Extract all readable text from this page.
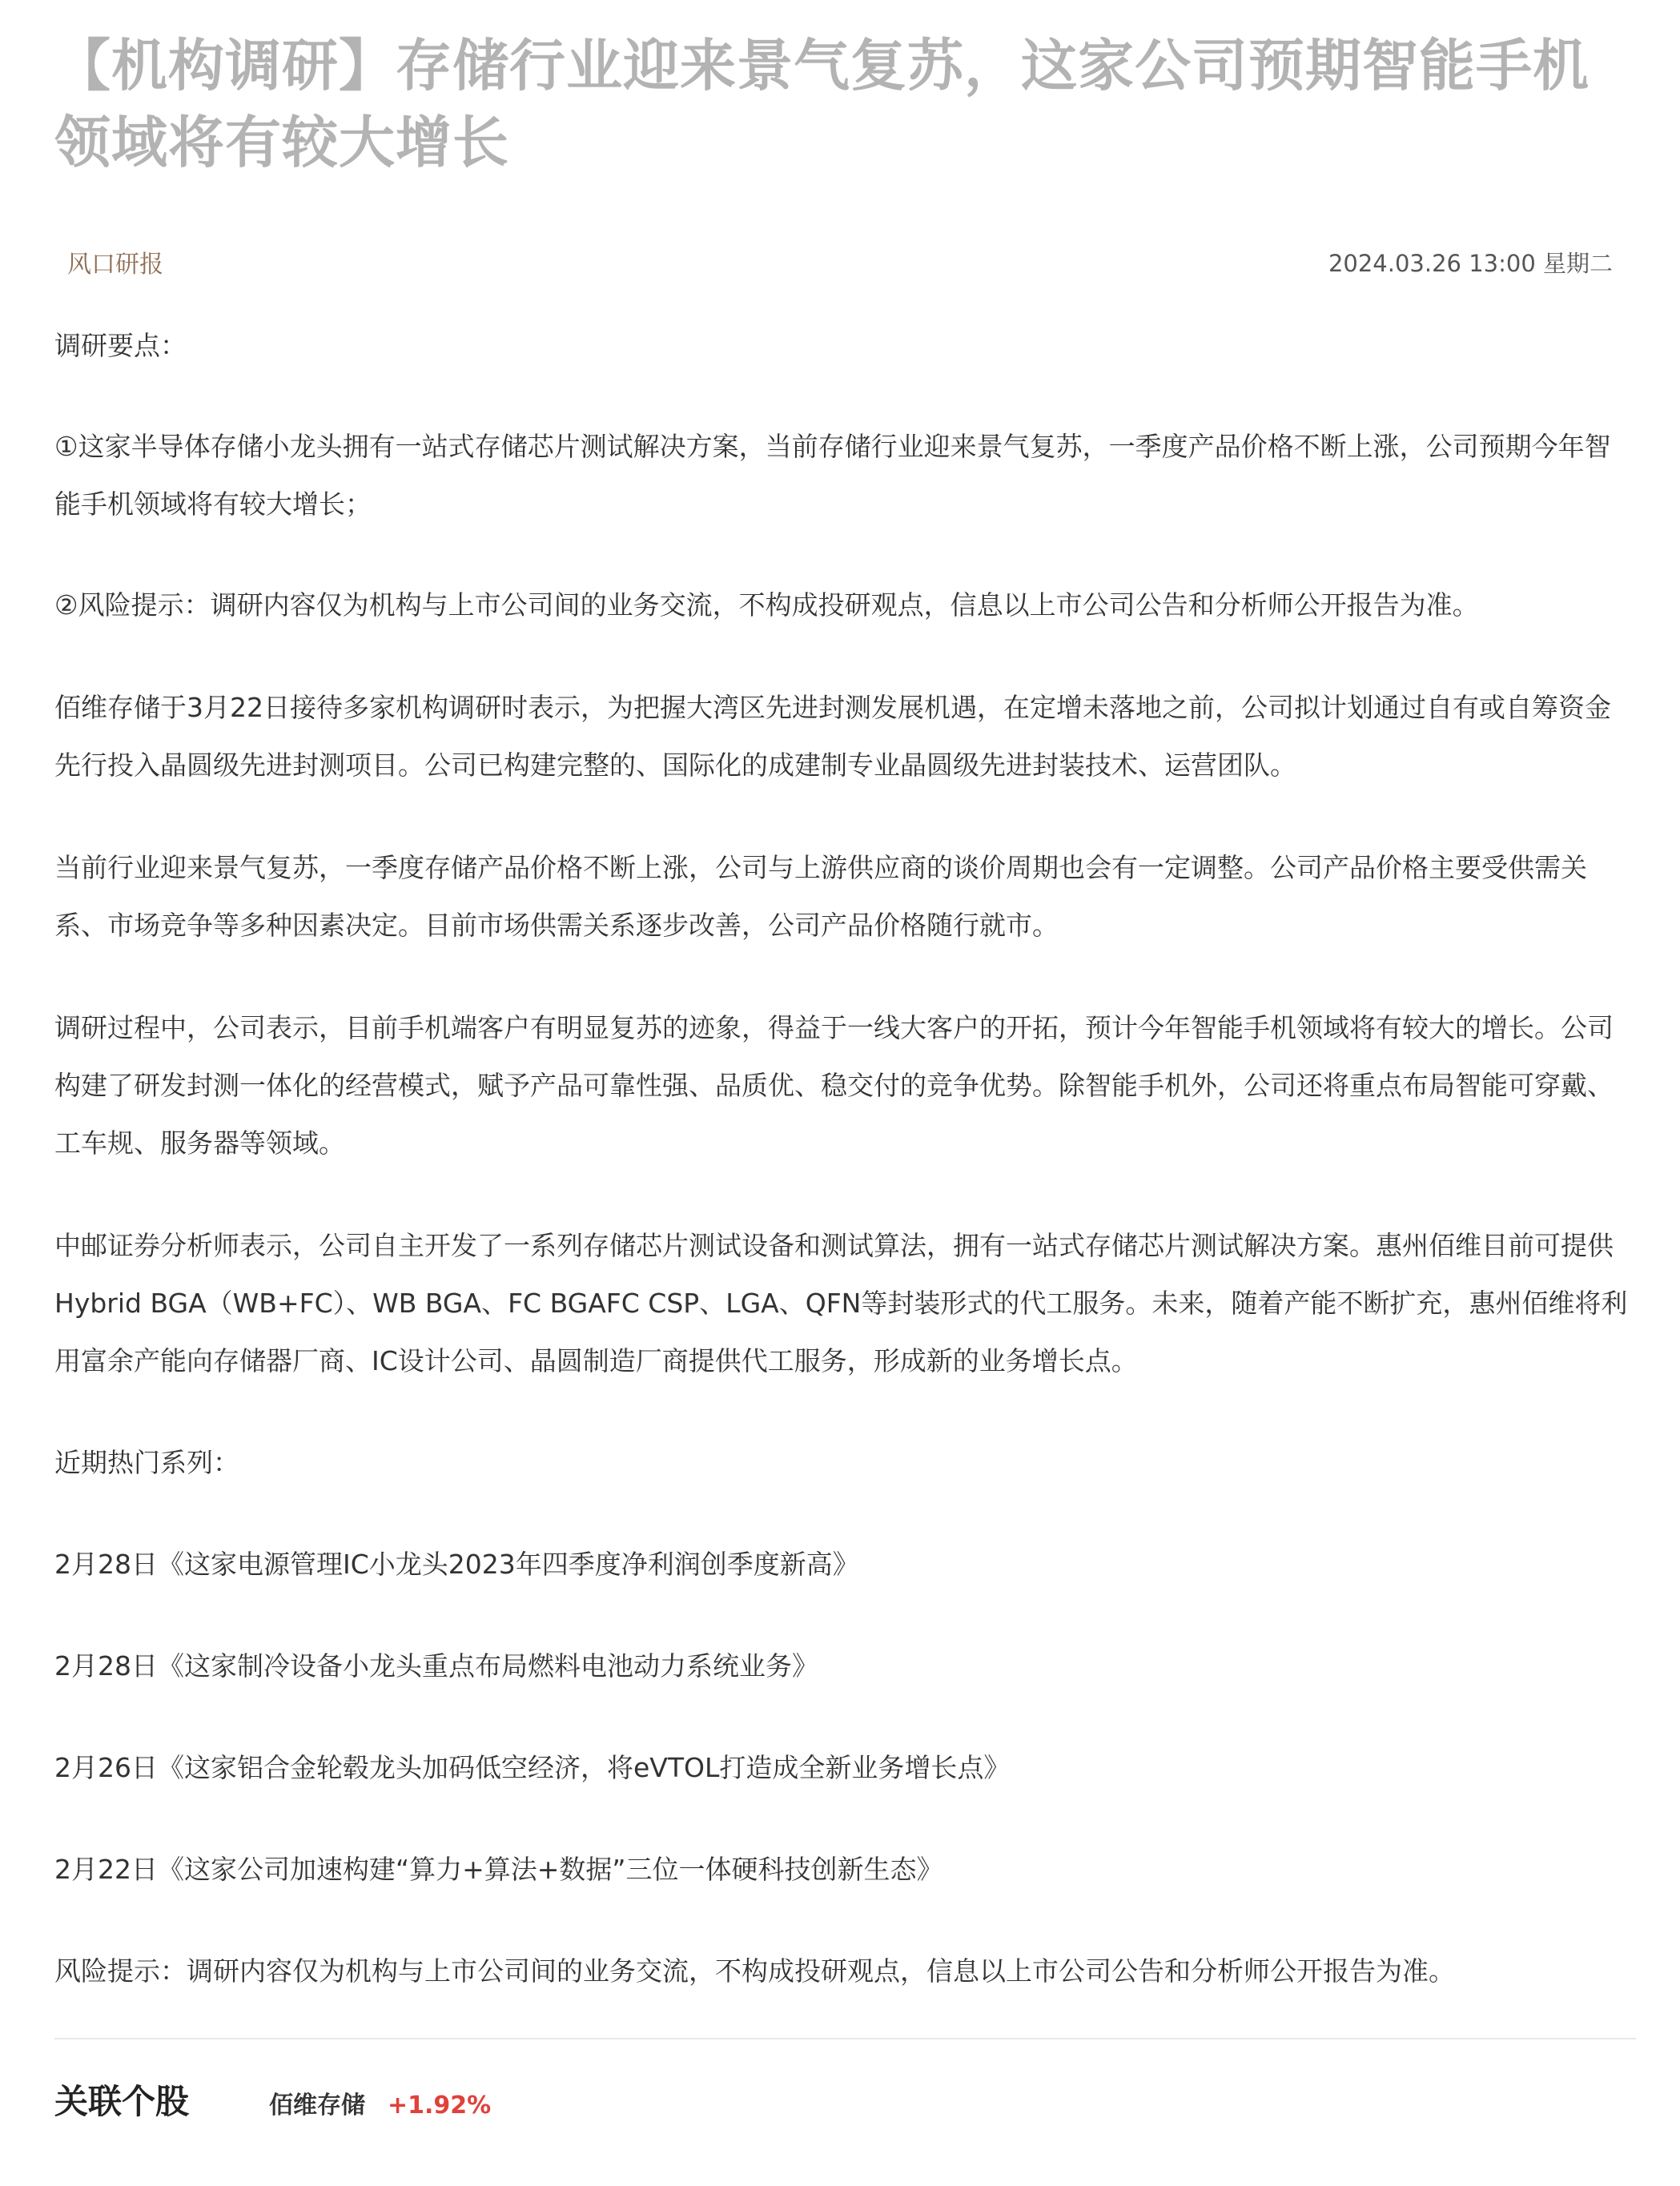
【机构调研】存储行业迎来景气复苏，这家公司预期智能手机领域将有较大增长
风口研报	2024.03.26 13:00 星期二

调研要点：

①这家半导体存储小龙头拥有一站式存储芯片测试解决方案，当前存储行业迎来景气复苏，一季度产品价格不断上涨，公司预期今年智能手机领域将有较大增长；

②风险提示：调研内容仅为机构与上市公司间的业务交流，不构成投研观点，信息以上市公司公告和分析师公开报告为准。

佰维存储于3月22日接待多家机构调研时表示，为把握大湾区先进封测发展机遇，在定增未落地之前，公司拟计划通过自有或自筹资金先行投入晶圆级先进封测项目。公司已构建完整的、国际化的成建制专业晶圆级先进封装技术、运营团队。

当前行业迎来景气复苏，一季度存储产品价格不断上涨，公司与上游供应商的谈价周期也会有一定调整。公司产品价格主要受供需关系、市场竞争等多种因素决定。目前市场供需关系逐步改善，公司产品价格随行就市。

调研过程中，公司表示，目前手机端客户有明显复苏的迹象，得益于一线大客户的开拓，预计今年智能手机领域将有较大的增长。公司构建了研发封测一体化的经营模式，赋予产品可靠性强、品质优、稳交付的竞争优势。除智能手机外，公司还将重点布局智能可穿戴、工车规、服务器等领域。

中邮证券分析师表示，公司自主开发了一系列存储芯片测试设备和测试算法，拥有一站式存储芯片测试解决方案。惠州佰维目前可提供Hybrid BGA（WB+FC）、WB BGA、FC BGAFC CSP、LGA、QFN等封装形式的代工服务。未来，随着产能不断扩充，惠州佰维将利用富余产能向存储器厂商、IC设计公司、晶圆制造厂商提供代工服务，形成新的业务增长点。

近期热门系列：

2月28日《这家电源管理IC小龙头2023年四季度净利润创季度新高》

2月28日《这家制冷设备小龙头重点布局燃料电池动力系统业务》

2月26日《这家铝合金轮毂龙头加码低空经济，将eVTOL打造成全新业务增长点》

2月22日《这家公司加速构建“算力+算法+数据”三位一体硬科技创新生态》

风险提示：调研内容仅为机构与上市公司间的业务交流，不构成投研观点，信息以上市公司公告和分析师公开报告为准。

关联个股	佰维存储 +1.92%
